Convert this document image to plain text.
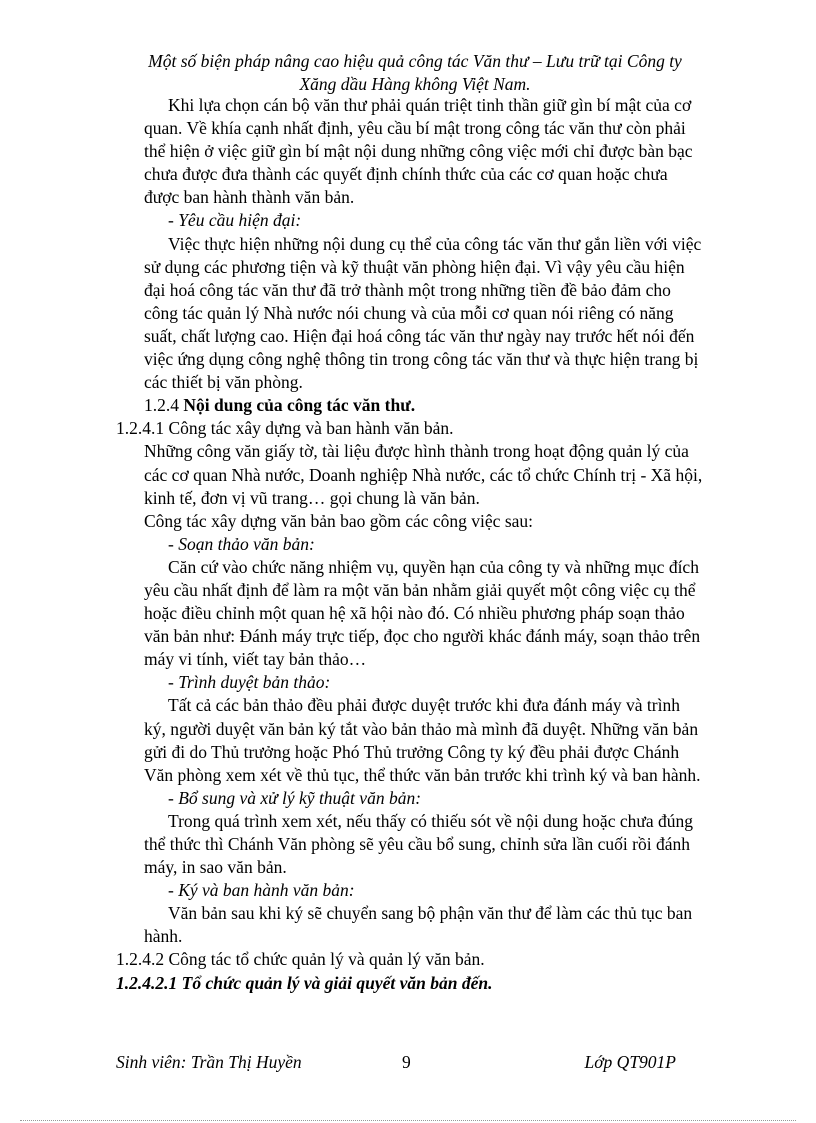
Một số biện pháp nâng cao hiệu quả công tác Văn thư – Lưu trữ tại Công ty
Xăng dầu Hàng không Việt Nam.

Khi lựa chọn cán bộ văn thư phải quán triệt tinh thần giữ gìn bí mật của cơ quan. Về khía cạnh nhất định, yêu cầu bí mật trong công tác văn thư còn phải thể hiện ở việc giữ gìn bí mật nội dung những công việc mới chỉ được bàn bạc chưa được đưa thành các quyết định chính thức của các cơ quan hoặc chưa được ban hành thành văn bản.

- Yêu cầu hiện đại:

Việc thực hiện những nội dung cụ thể của công tác văn thư gắn liền với việc sử dụng các phương tiện và kỹ thuật văn phòng hiện đại. Vì vậy yêu cầu hiện đại hoá công tác văn thư đã trở thành một trong những tiền đề bảo đảm cho công tác quản lý Nhà nước nói chung và của mỗi cơ quan nói riêng có năng suất, chất lượng cao. Hiện đại hoá công tác văn thư ngày nay trước hết nói đến việc ứng dụng công nghệ thông tin trong công tác văn thư và thực hiện trang bị các thiết bị văn phòng.

1.2.4 Nội dung của công tác văn thư.

1.2.4.1 Công tác xây dựng và ban hành văn bản.

Những công văn giấy tờ, tài liệu được hình thành trong hoạt động quản lý của các cơ quan Nhà nước, Doanh nghiệp Nhà nước, các tổ chức Chính trị - Xã hội, kinh tế, đơn vị vũ trang… gọi chung là văn bản.

Công tác xây dựng văn bản bao gồm các công việc sau:

- Soạn thảo văn bản:

Căn cứ vào chức năng nhiệm vụ, quyền hạn của công ty và những mục đích yêu cầu nhất định để làm ra một văn bản nhằm giải quyết một công việc cụ thể hoặc điều chỉnh một quan hệ xã hội nào đó. Có nhiều phương pháp soạn thảo văn bản như: Đánh máy trực tiếp, đọc cho người khác đánh máy, soạn thảo trên máy vi tính, viết tay bản thảo…

- Trình duyệt bản thảo:

Tất cả các bản thảo đều phải được duyệt trước khi đưa đánh máy và trình ký, người duyệt văn bản ký tắt vào bản thảo mà mình đã duyệt. Những văn bản gửi đi do Thủ trưởng hoặc Phó Thủ trưởng Công ty ký đều phải được Chánh Văn phòng xem xét về thủ tục, thể thức văn bản trước khi trình ký và ban hành.

- Bổ sung và xử lý kỹ thuật văn bản:

Trong quá trình xem xét, nếu thấy có thiếu sót về nội dung hoặc chưa đúng thể thức thì Chánh Văn phòng sẽ yêu cầu bổ sung, chỉnh sửa lần cuối rồi đánh máy, in sao văn bản.

- Ký và ban hành văn bản:

Văn bản sau khi ký sẽ chuyển sang bộ phận văn thư để làm các thủ tục ban hành.

1.2.4.2 Công tác tổ chức quản lý và quản lý văn bản.

1.2.4.2.1 Tổ chức quản lý và giải quyết văn bản đến.

Sinh viên: Trần Thị Huyền	9	Lớp QT901P
